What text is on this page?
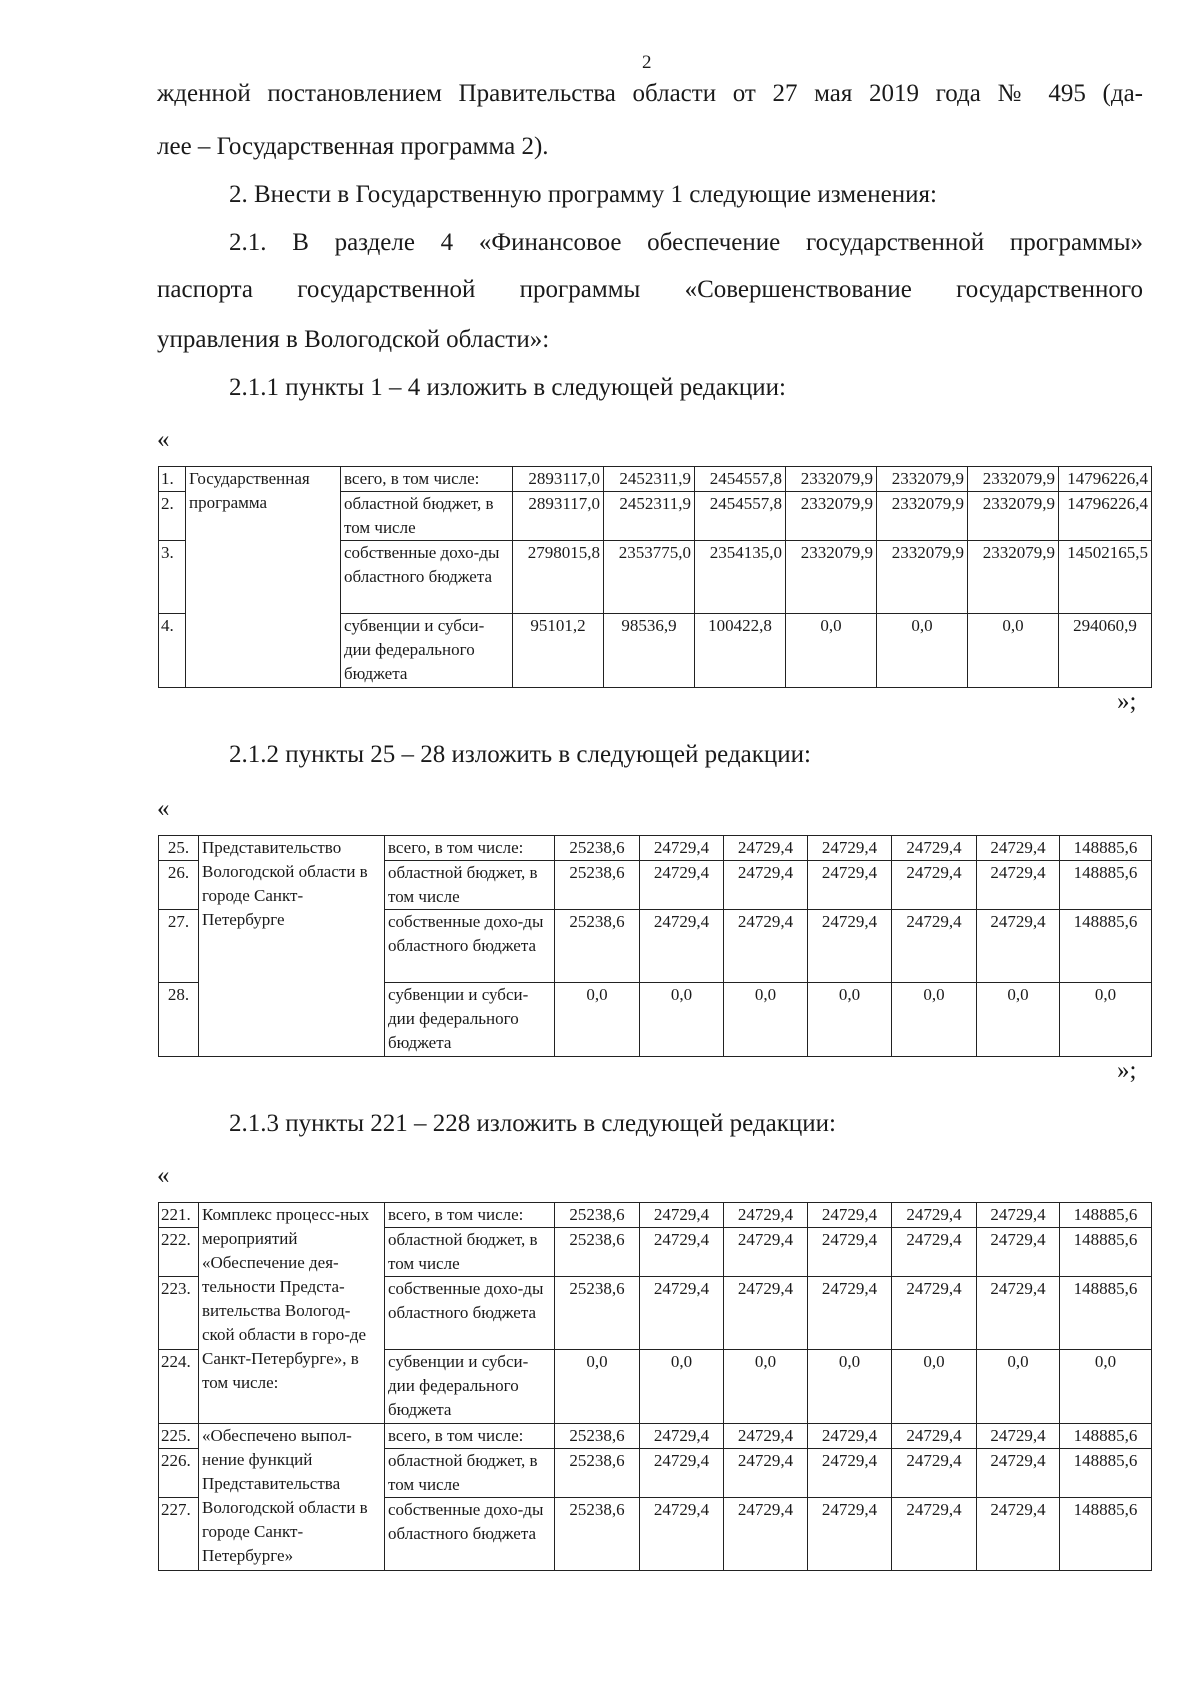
2
жденной постановлением Правительства области от 27 мая 2019 года № 495 (да-
лее – Государственная программа 2).
2. Внести в Государственную программу 1 следующие изменения:
2.1. В разделе 4 «Финансовое обеспечение государственной программы»
паспорта государственной программы «Совершенствование государственного
управления в Вологодской области»:
2.1.1 пункты 1 – 4 изложить в следующей редакции:
«
1.	Государственная программа	всего, в том числе:	2893117,0	2452311,9	2454557,8	2332079,9	2332079,9	2332079,9	14796226,4
2.		областной бюджет, в том числе	2893117,0	2452311,9	2454557,8	2332079,9	2332079,9	2332079,9	14796226,4
3.		собственные дохо-ды областного бюджета	2798015,8	2353775,0	2354135,0	2332079,9	2332079,9	2332079,9	14502165,5
4.		субвенции и субси-дии федерального бюджета	95101,2	98536,9	100422,8	0,0	0,0	0,0	294060,9
»;
2.1.2 пункты 25 – 28 изложить в следующей редакции:
«
25.	Представительство Вологодской области в городе Санкт-Петербурге	всего, в том числе:	25238,6	24729,4	24729,4	24729,4	24729,4	24729,4	148885,6
26.		областной бюджет, в том числе	25238,6	24729,4	24729,4	24729,4	24729,4	24729,4	148885,6
27.		собственные дохо-ды областного бюджета	25238,6	24729,4	24729,4	24729,4	24729,4	24729,4	148885,6
28.		субвенции и субси-дии федерального бюджета	0,0	0,0	0,0	0,0	0,0	0,0	0,0
»;
2.1.3 пункты 221 – 228 изложить в следующей редакции:
«
221.	Комплекс процесс-ных мероприятий «Обеспечение дея-тельности Предста-вительства Вологод-ской области в горо-де Санкт-Петербурге», в том числе:	всего, в том числе:	25238,6	24729,4	24729,4	24729,4	24729,4	24729,4	148885,6
222.		областной бюджет, в том числе	25238,6	24729,4	24729,4	24729,4	24729,4	24729,4	148885,6
223.		собственные дохо-ды областного бюджета	25238,6	24729,4	24729,4	24729,4	24729,4	24729,4	148885,6
224.		субвенции и субси-дии федерального бюджета	0,0	0,0	0,0	0,0	0,0	0,0	0,0
225.	«Обеспечено выпол-нение функций Представительства Вологодской области в городе Санкт-Петербурге»	всего, в том числе:	25238,6	24729,4	24729,4	24729,4	24729,4	24729,4	148885,6
226.		областной бюджет, в том числе	25238,6	24729,4	24729,4	24729,4	24729,4	24729,4	148885,6
227.		собственные дохо-ды областного бюджета	25238,6	24729,4	24729,4	24729,4	24729,4	24729,4	148885,6
